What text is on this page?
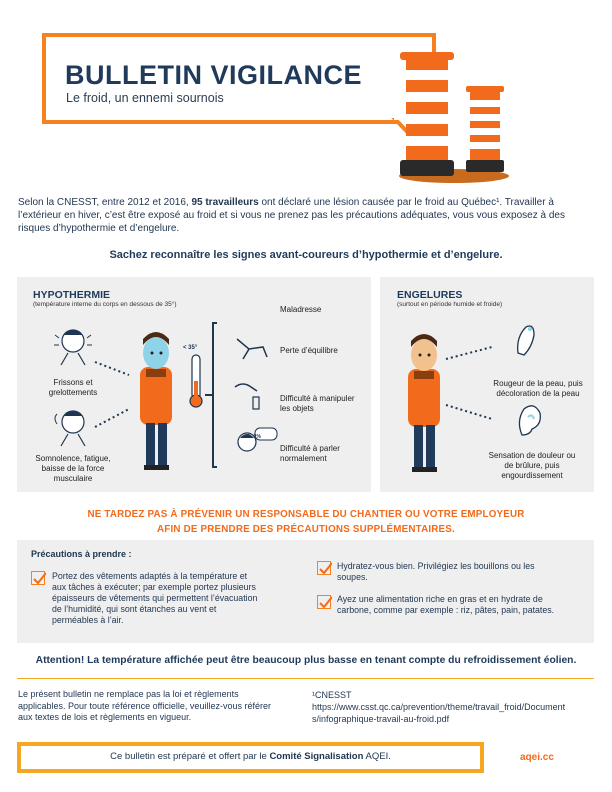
BULLETIN VIGILANCE
Le froid, un ennemi sournois
Selon la CNESST, entre 2012 et 2016, 95 travailleurs ont déclaré une lésion causée par le froid au Québec¹. Travailler à l’extérieur en hiver, c’est être exposé au froid et si vous ne prenez pas les précautions adéquates, vous vous exposez à des risques d’hypothermie et d’engelure.
Sachez reconnaître les signes avant-coureurs d’hypothermie et d’engelure.
HYPOTHERMIE
(température interne du corps en dessous de 35°)
< 35°
A..?%
Frissons et grelottements
Somnolence, fatigue, baisse de la force musculaire
Maladresse
Perte d’équilibre
Difficulté à manipuler les objets
Difficulté à parler normalement
ENGELURES
(surtout en période humide et froide)
Rougeur de la peau, puis décoloration de la peau
Sensation de douleur ou de brûlure, puis engourdissement
NE TARDEZ PAS À PRÉVENIR UN RESPONSABLE DU CHANTIER OU VOTRE EMPLOYEUR
AFIN DE PRENDRE DES PRÉCAUTIONS SUPPLÉMENTAIRES.
Précautions à prendre :
Portez des vêtements adaptés à la température et aux tâches à exécuter; par exemple portez plusieurs épaisseurs de vêtements qui permettent l’évacuation de l’humidité, qui sont étanches au vent et perméables à l’air.
Hydratez-vous bien. Privilégiez les bouillons ou les soupes.
Ayez une alimentation riche en gras et en hydrate de carbone, comme par exemple : riz, pâtes, pain, patates.
Attention! La température affichée peut être beaucoup plus basse en tenant compte du refroidissement éolien.
Le présent bulletin ne remplace pas la loi et règlements applicables. Pour toute référence officielle, veuillez-vous référer aux textes de lois et règlements en vigueur.
¹CNESST
https://www.csst.qc.ca/prevention/theme/travail_froid/Documents/infographique-travail-au-froid.pdf
Ce bulletin est préparé et offert par le Comité Signalisation AQEI.	aqei.cc
